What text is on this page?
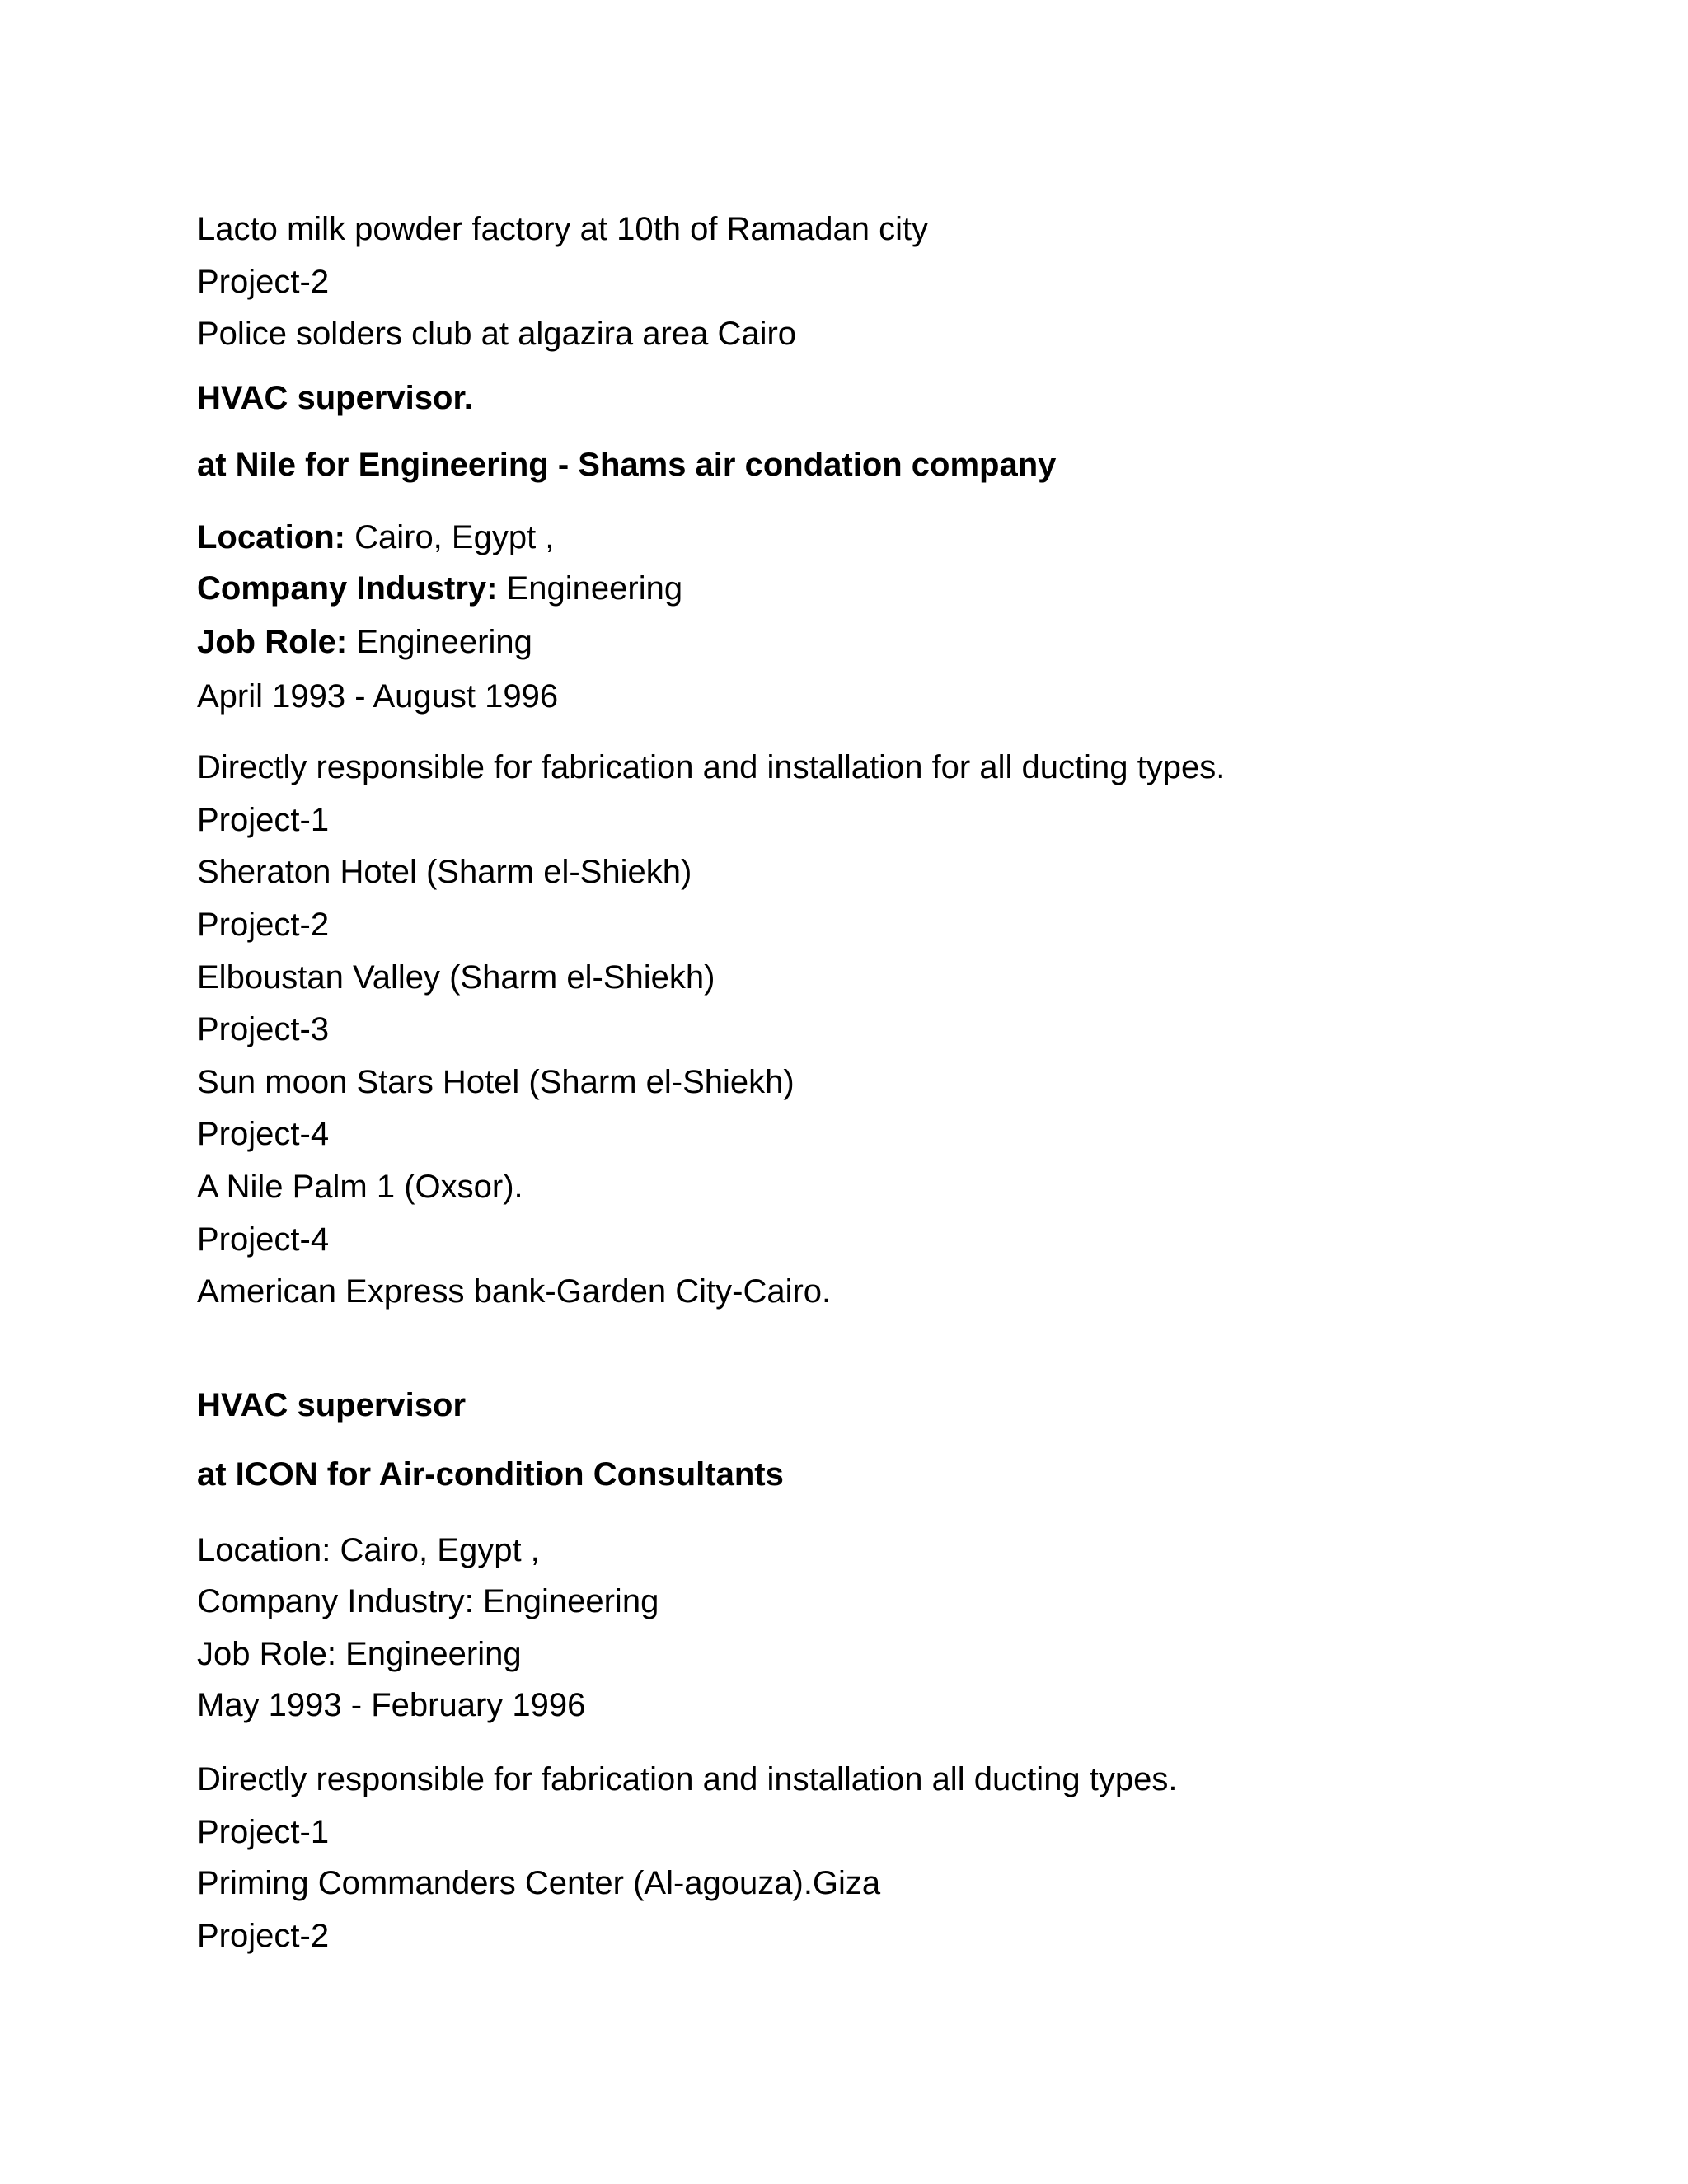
Lacto milk powder factory at 10th of Ramadan city
Project-2
Police solders club at algazira area Cairo
HVAC supervisor.
at Nile for Engineering - Shams air condation company
Location: Cairo, Egypt ,
Company Industry: Engineering
Job Role: Engineering
April 1993 - August 1996
Directly responsible for fabrication and installation for all ducting types.
Project-1
Sheraton Hotel (Sharm el-Shiekh)
Project-2
Elboustan Valley (Sharm el-Shiekh)
Project-3
Sun moon Stars Hotel (Sharm el-Shiekh)
Project-4
A Nile Palm 1 (Oxsor).
Project-4
American Express bank-Garden City-Cairo.
HVAC supervisor
at ICON for Air-condition Consultants
Location: Cairo, Egypt ,
Company Industry: Engineering
Job Role: Engineering
May 1993 - February 1996
Directly responsible for fabrication and installation all ducting types.
Project-1
Priming Commanders Center (Al-agouza).Giza
Project-2
